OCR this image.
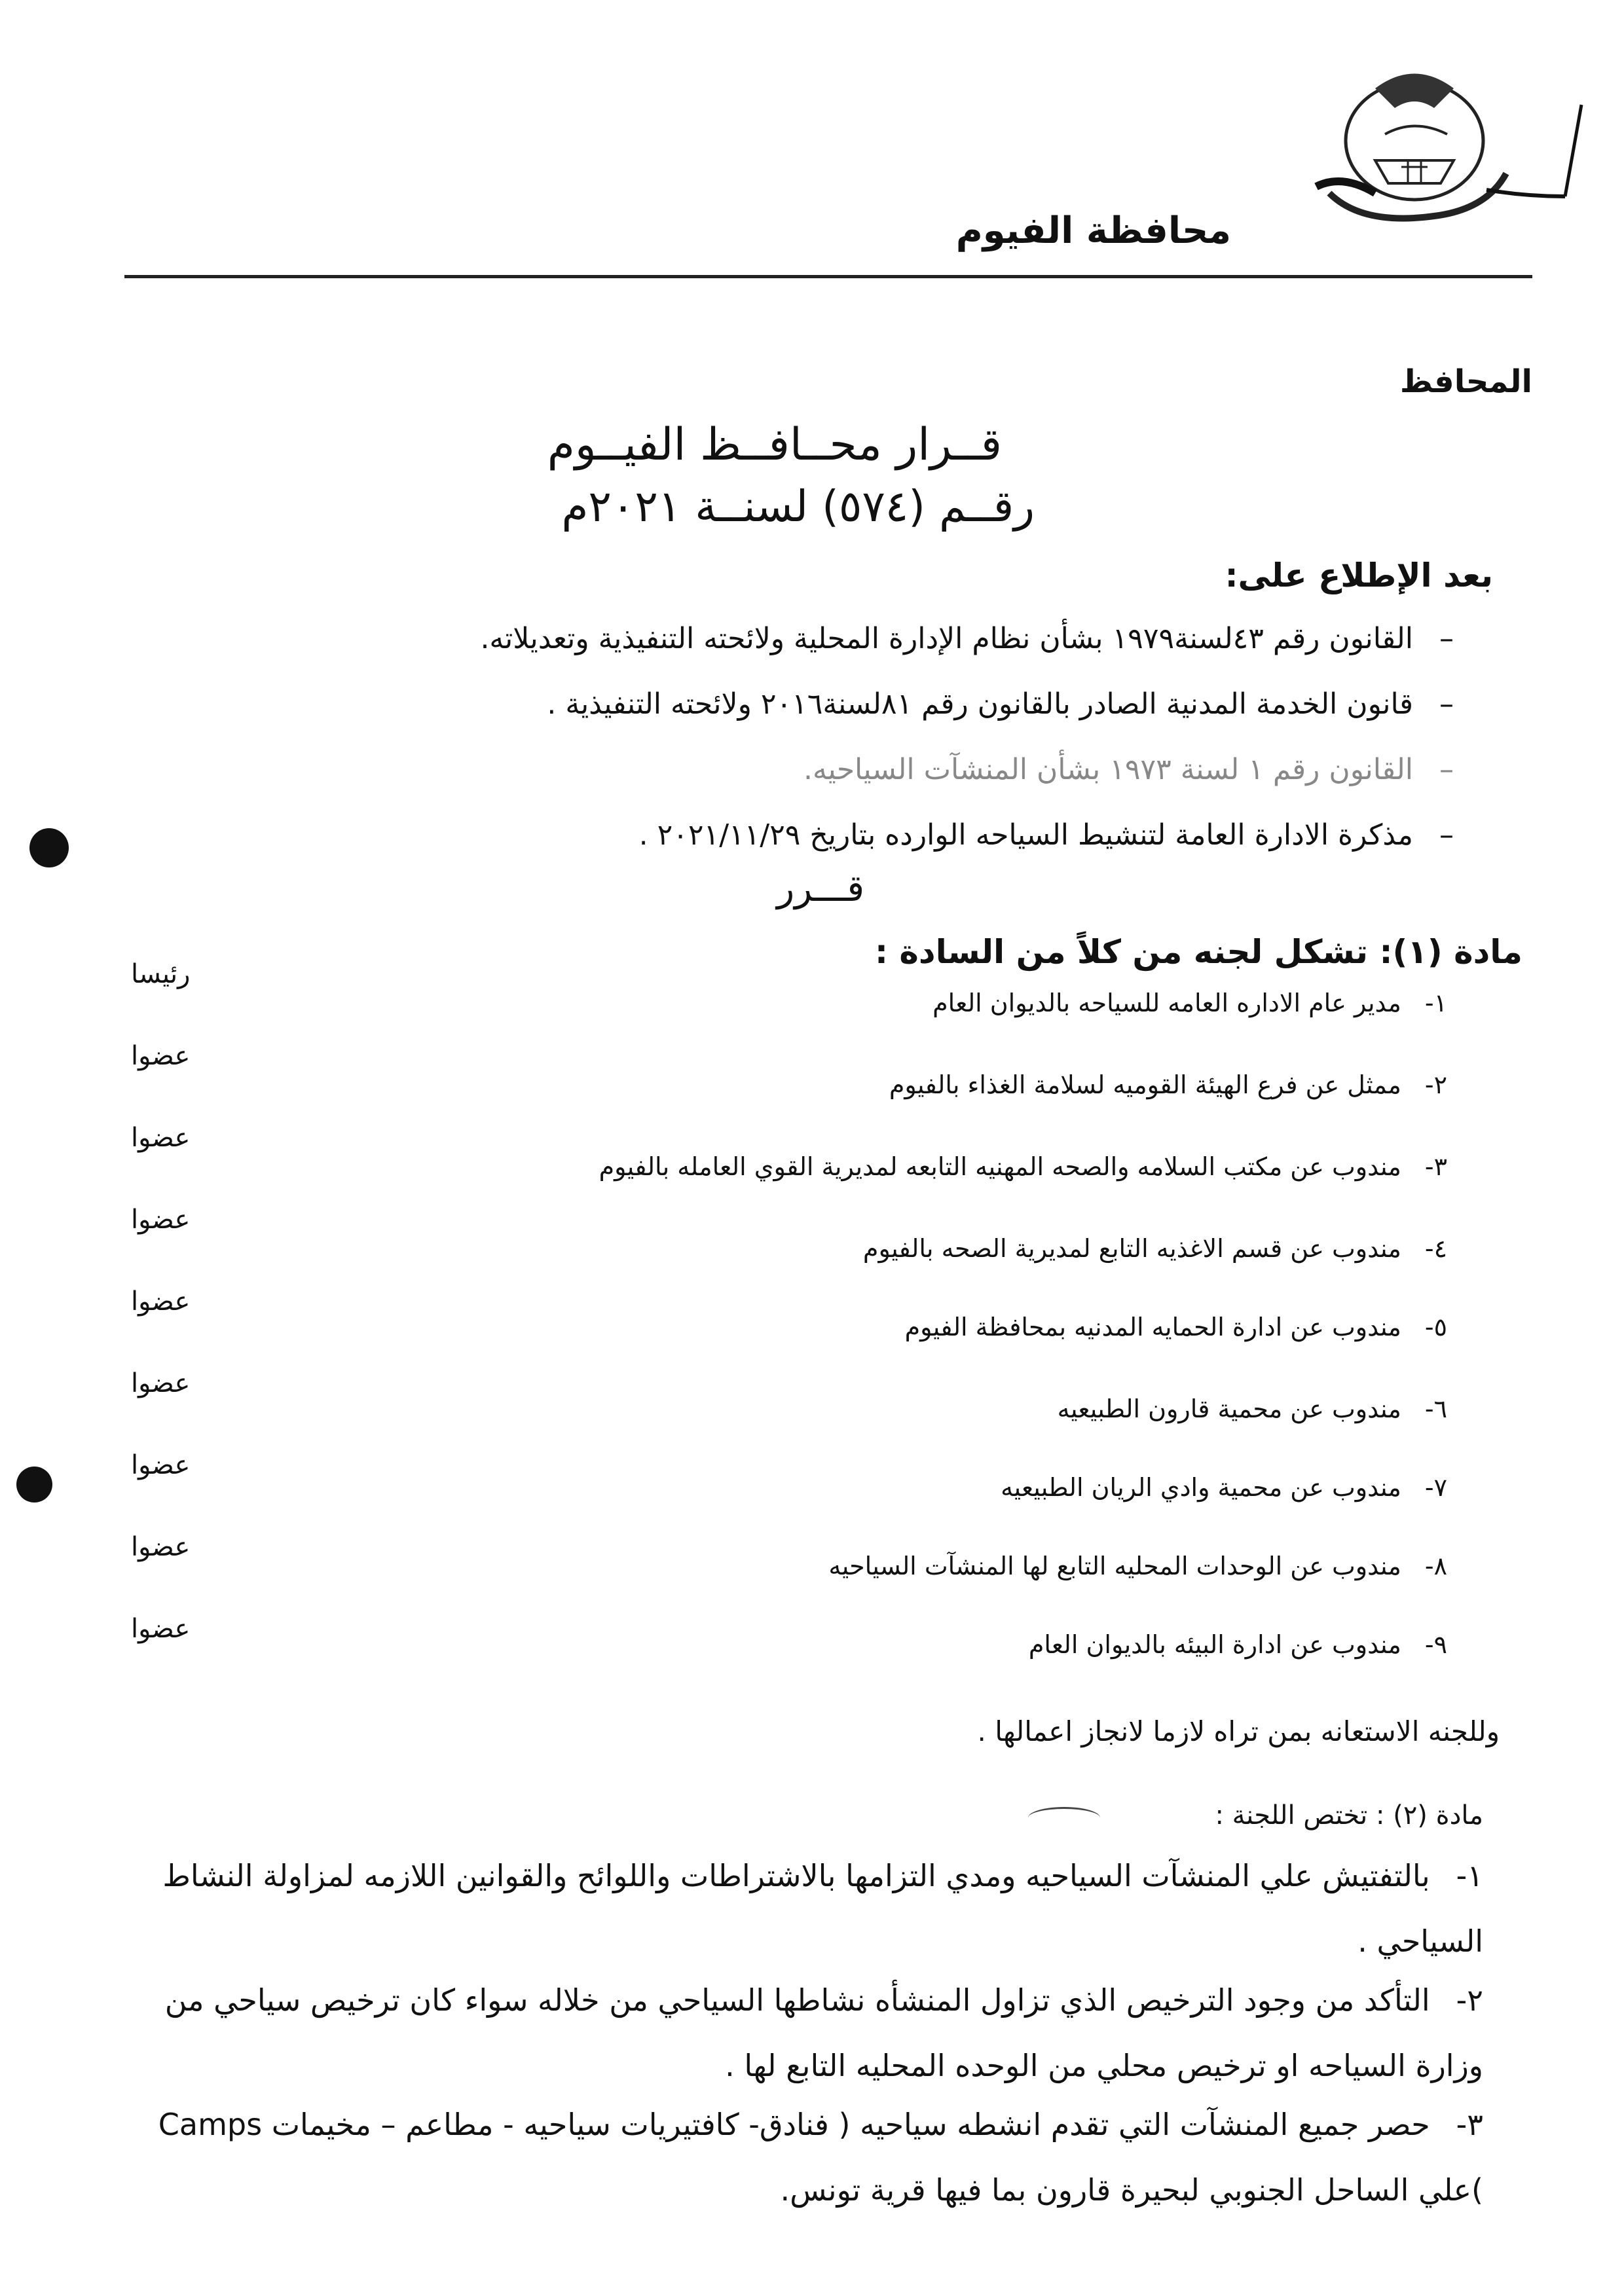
محافظة الفيوم
المحافظ
قــرار محــافــظ الفيــوم
رقــم (٥٧٤) لسنــة ٢٠٢١م
بعد الإطلاع على:
–القانون رقم ٤٣لسنة١٩٧٩ بشأن نظام الإدارة المحلية ولائحته التنفيذية وتعديلاته.
–قانون الخدمة المدنية الصادر بالقانون رقم ٨١لسنة٢٠١٦ ولائحته التنفيذية .
–القانون رقم ١ لسنة ١٩٧٣ بشأن المنشآت السياحيه.
–مذكرة الادارة العامة لتنشيط السياحه الوارده بتاريخ ٢٠٢١/١١/٢٩ .
قـــرر
مادة (١): تشكل لجنه من كلاً من السادة :
١-مدير عام الاداره العامه للسياحه بالديوان العام
رئيسا
٢-ممثل عن فرع الهيئة القوميه لسلامة الغذاء بالفيوم
عضوا
٣-مندوب عن مكتب السلامه والصحه المهنيه التابعه لمديرية القوي العامله بالفيوم
عضوا
٤-مندوب عن قسم الاغذيه التابع لمديرية الصحه بالفيوم
عضوا
٥-مندوب عن ادارة الحمايه المدنيه بمحافظة الفيوم
عضوا
٦-مندوب عن محمية قارون الطبيعيه
عضوا
٧-مندوب عن محمية وادي الريان الطبيعيه
عضوا
٨-مندوب عن الوحدات المحليه التابع لها المنشآت السياحيه
عضوا
٩-مندوب عن ادارة البيئه بالديوان العام
عضوا
وللجنه الاستعانه بمن تراه لازما لانجاز اعمالها .
مادة (٢) : تختص اللجنة :
١-بالتفتيش علي المنشآت السياحيه ومدي التزامها بالاشتراطات واللوائح والقوانين اللازمه لمزاولة النشاط السياحي .
٢-التأكد من وجود الترخيص الذي تزاول المنشأه نشاطها السياحي من خلاله سواء كان ترخيص سياحي من وزارة السياحه او ترخيص محلي من الوحده المحليه التابع لها .
٣-حصر جميع المنشآت التي تقدم انشطه سياحيه ( فنادق- كافتيريات سياحيه - مطاعم – مخيمات Camps )علي الساحل الجنوبي لبحيرة قارون بما فيها قرية تونس.
